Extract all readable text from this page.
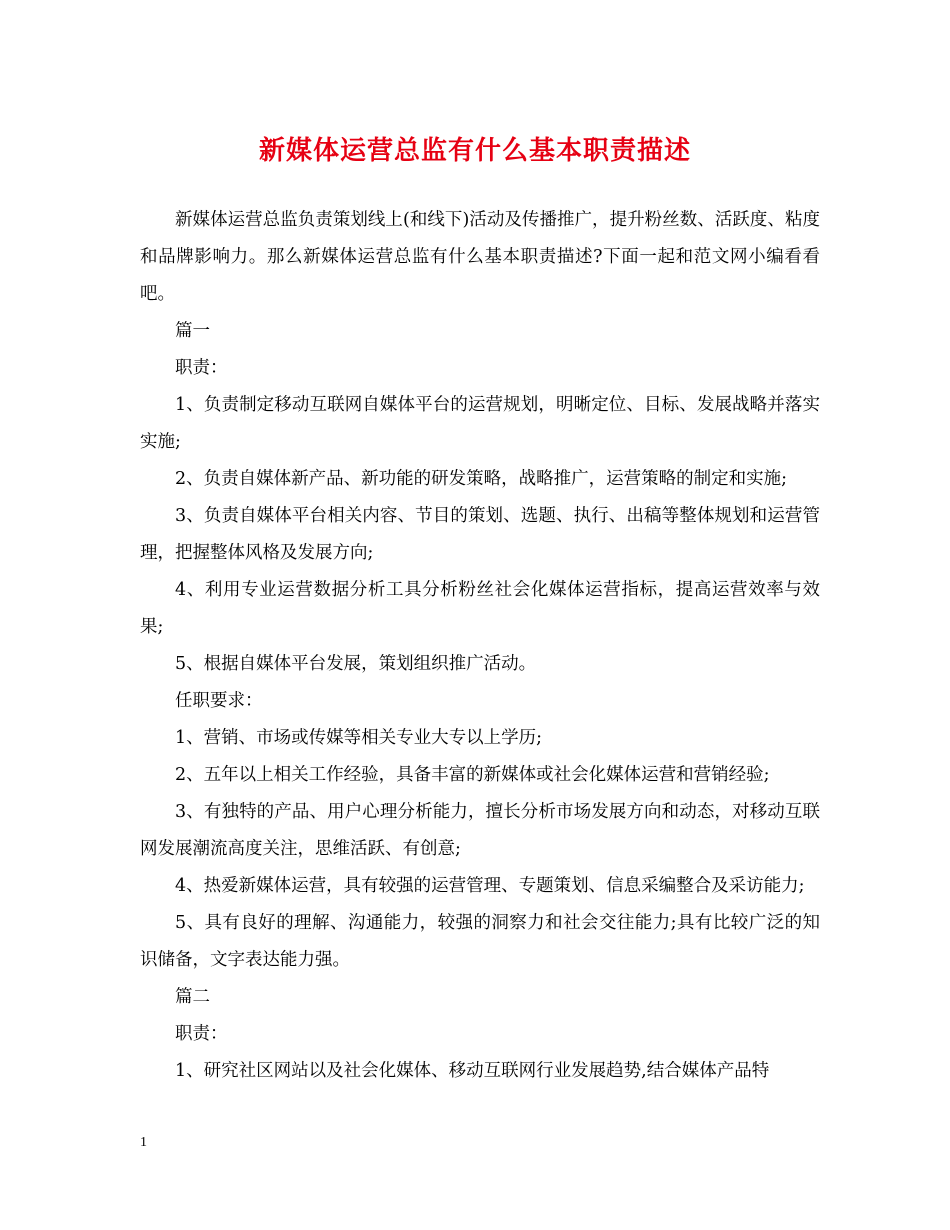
新媒体运营总监有什么基本职责描述

新媒体运营总监负责策划线上(和线下)活动及传播推广，提升粉丝数、活跃度、粘度和品牌影响力。那么新媒体运营总监有什么基本职责描述?下面一起和范文网小编看看吧。

篇一

职责：

1、负责制定移动互联网自媒体平台的运营规划，明晰定位、目标、发展战略并落实实施;

2、负责自媒体新产品、新功能的研发策略，战略推广，运营策略的制定和实施;

3、负责自媒体平台相关内容、节目的策划、选题、执行、出稿等整体规划和运营管理，把握整体风格及发展方向;

4、利用专业运营数据分析工具分析粉丝社会化媒体运营指标，提高运营效率与效果;

5、根据自媒体平台发展，策划组织推广活动。

任职要求：

1、营销、市场或传媒等相关专业大专以上学历;

2、五年以上相关工作经验，具备丰富的新媒体或社会化媒体运营和营销经验;

3、有独特的产品、用户心理分析能力，擅长分析市场发展方向和动态，对移动互联网发展潮流高度关注，思维活跃、有创意;

4、热爱新媒体运营，具有较强的运营管理、专题策划、信息采编整合及采访能力;

5、具有良好的理解、沟通能力，较强的洞察力和社会交往能力;具有比较广泛的知识储备，文字表达能力强。

篇二

职责：

1、研究社区网站以及社会化媒体、移动互联网行业发展趋势,结合媒体产品特

1
